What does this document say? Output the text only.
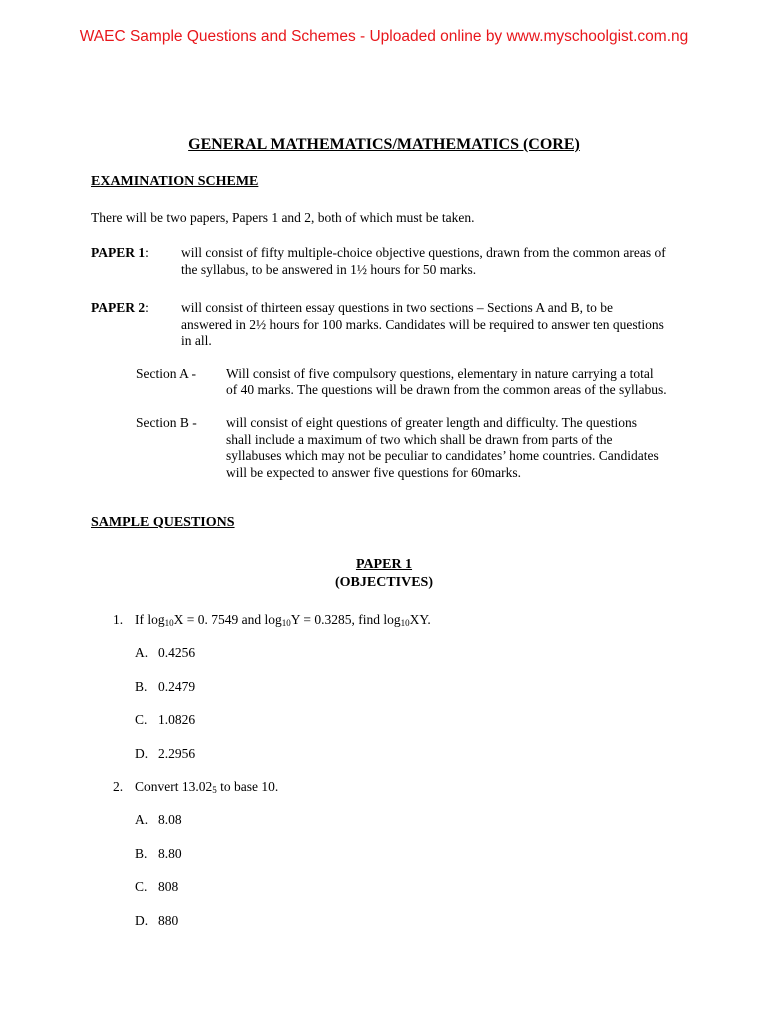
WAEC Sample Questions and Schemes - Uploaded online by www.myschoolgist.com.ng
GENERAL MATHEMATICS/MATHEMATICS (CORE)
EXAMINATION SCHEME
There will be two papers, Papers 1 and 2, both of which must be taken.
PAPER 1: will consist of fifty multiple-choice objective questions, drawn from the common areas of
the syllabus, to be answered in 1½ hours for 50 marks.
PAPER 2: will consist of thirteen essay questions in two sections – Sections A and B, to be
answered in 2½ hours for 100 marks. Candidates will be required to answer ten questions
in all.
Section A - Will consist of five compulsory questions, elementary in nature carrying a total
of 40 marks. The questions will be drawn from the common areas of the syllabus.
Section B - will consist of eight questions of greater length and difficulty. The questions
shall include a maximum of two which shall be drawn from parts of the
syllabuses which may not be peculiar to candidates’ home countries. Candidates
will be expected to answer five questions for 60marks.
SAMPLE QUESTIONS
PAPER 1
(OBJECTIVES)
1. If $\log_{10}X = 0$. 7549 and $\log_{10}Y = 0.3285$, find $\log_{10}XY$.
A. 0.4256
B. 0.2479
C. 1.0826
D. 2.2956
2. Convert $13.02_5$ to base 10.
A. 8.08
B. 8.80
C. 808
D. 880
